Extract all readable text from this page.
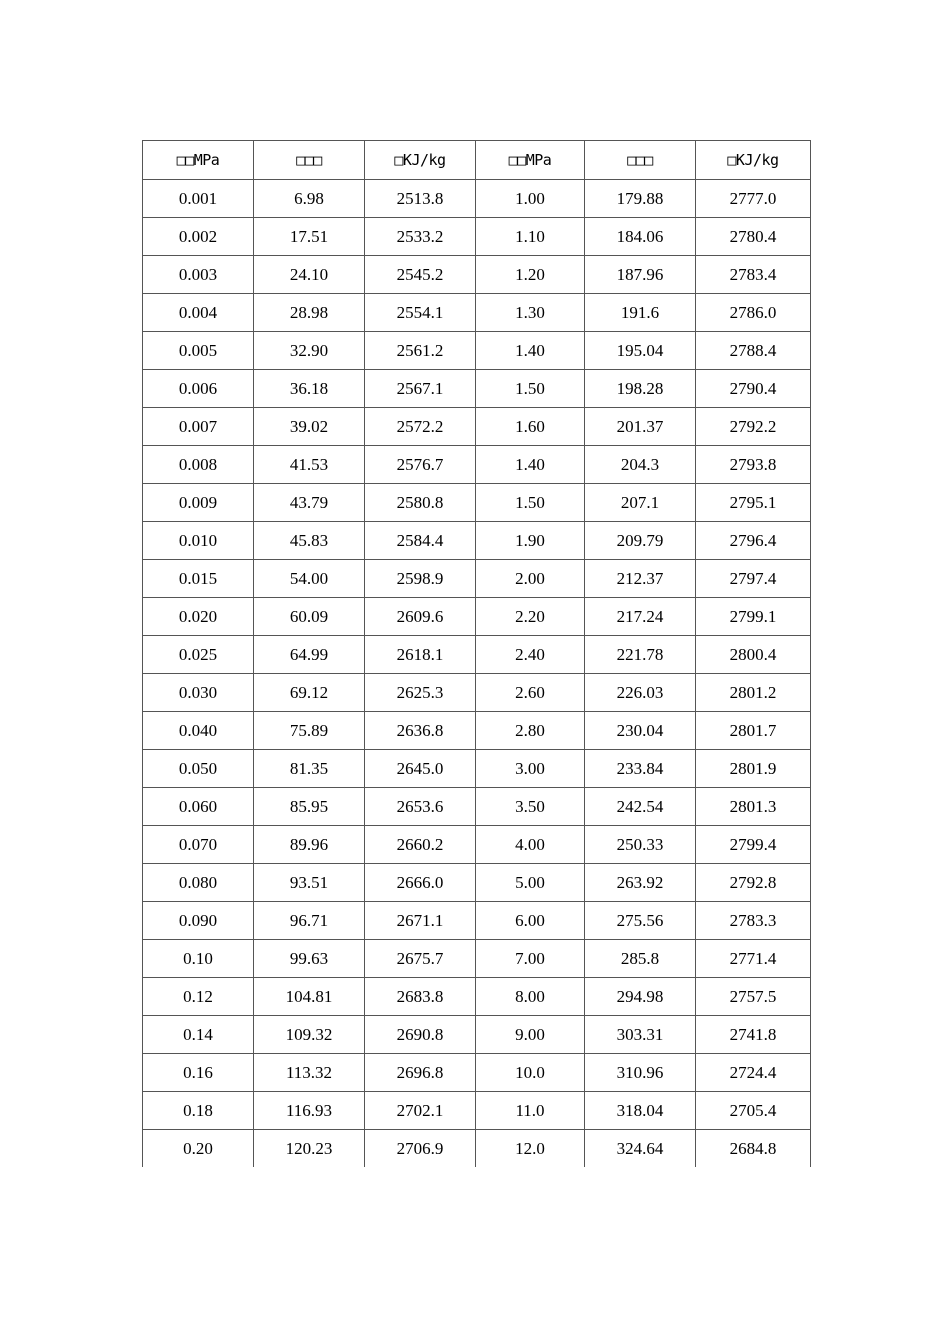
□□MPa	□□□	□KJ/kg	□□MPa	□□□	□KJ/kg
0.001	6.98	2513.8	1.00	179.88	2777.0
0.002	17.51	2533.2	1.10	184.06	2780.4
0.003	24.10	2545.2	1.20	187.96	2783.4
0.004	28.98	2554.1	1.30	191.6	2786.0
0.005	32.90	2561.2	1.40	195.04	2788.4
0.006	36.18	2567.1	1.50	198.28	2790.4
0.007	39.02	2572.2	1.60	201.37	2792.2
0.008	41.53	2576.7	1.40	204.3	2793.8
0.009	43.79	2580.8	1.50	207.1	2795.1
0.010	45.83	2584.4	1.90	209.79	2796.4
0.015	54.00	2598.9	2.00	212.37	2797.4
0.020	60.09	2609.6	2.20	217.24	2799.1
0.025	64.99	2618.1	2.40	221.78	2800.4
0.030	69.12	2625.3	2.60	226.03	2801.2
0.040	75.89	2636.8	2.80	230.04	2801.7
0.050	81.35	2645.0	3.00	233.84	2801.9
0.060	85.95	2653.6	3.50	242.54	2801.3
0.070	89.96	2660.2	4.00	250.33	2799.4
0.080	93.51	2666.0	5.00	263.92	2792.8
0.090	96.71	2671.1	6.00	275.56	2783.3
0.10	99.63	2675.7	7.00	285.8	2771.4
0.12	104.81	2683.8	8.00	294.98	2757.5
0.14	109.32	2690.8	9.00	303.31	2741.8
0.16	113.32	2696.8	10.0	310.96	2724.4
0.18	116.93	2702.1	11.0	318.04	2705.4
0.20	120.23	2706.9	12.0	324.64	2684.8
